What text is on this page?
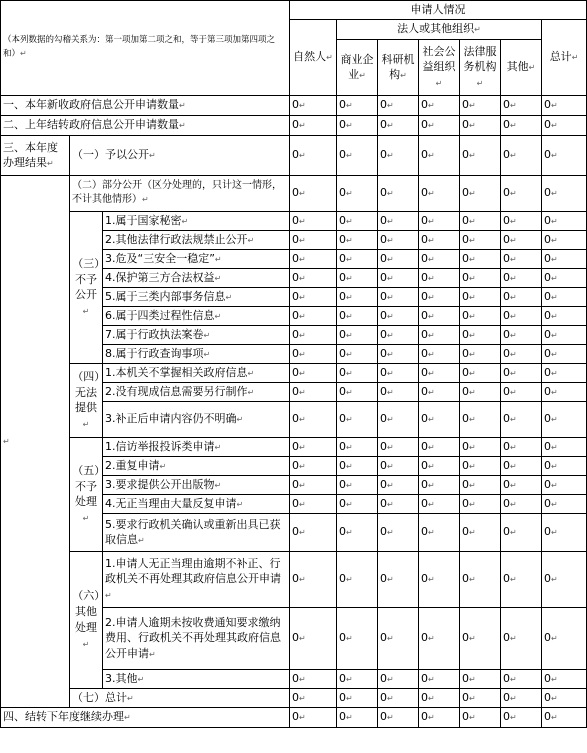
（本列数据的勾稽关系为：第一项加第二项之和，等于第三项加第四项之和）↵			申请人情况						
			自然人↵	法人或其他组织↵					总计↵
				商业企业↵	科研机构↵	社会公益组织↵	法律服务机构↵	其他↵	
一、本年新收政府信息公开申请数量↵			0↵	0↵	0↵	0↵	0↵	0↵	0↵
二、上年结转政府信息公开申请数量↵			0↵	0↵	0↵	0↵	0↵	0↵	0↵
三、本年度办理结果↵	（一）予以公开↵		0↵	0↵	0↵	0↵	0↵	0↵	0↵
↵	（二）部分公开（区分处理的，只计这一情形，不计其他情形）↵		0↵	0↵	0↵	0↵	0↵	0↵	0↵
	（三）不予公开↵	1.属于国家秘密↵	0↵	0↵	0↵	0↵	0↵	0↵	0↵
		2.其他法律行政法规禁止公开↵	0↵	0↵	0↵	0↵	0↵	0↵	0↵
		3.危及“三安全一稳定”↵	0↵	0↵	0↵	0↵	0↵	0↵	0↵
		4.保护第三方合法权益↵	0↵	0↵	0↵	0↵	0↵	0↵	0↵
		5.属于三类内部事务信息↵	0↵	0↵	0↵	0↵	0↵	0↵	0↵
		6.属于四类过程性信息↵	0↵	0↵	0↵	0↵	0↵	0↵	0↵
		7.属于行政执法案卷↵	0↵	0↵	0↵	0↵	0↵	0↵	0↵
		8.属于行政查询事项↵	0↵	0↵	0↵	0↵	0↵	0↵	0↵
	（四）无法提供↵	1.本机关不掌握相关政府信息↵	0↵	0↵	0↵	0↵	0↵	0↵	0↵
		2.没有现成信息需要另行制作↵	0↵	0↵	0↵	0↵	0↵	0↵	0↵
		3.补正后申请内容仍不明确↵	0↵	0↵	0↵	0↵	0↵	0↵	0↵
	（五）不予处理↵	1.信访举报投诉类申请↵	0↵	0↵	0↵	0↵	0↵	0↵	0↵
		2.重复申请↵	0↵	0↵	0↵	0↵	0↵	0↵	0↵
		3.要求提供公开出版物↵	0↵	0↵	0↵	0↵	0↵	0↵	0↵
		4.无正当理由大量反复申请↵	0↵	0↵	0↵	0↵	0↵	0↵	0↵
		5.要求行政机关确认或重新出具已获取信息↵	0↵	0↵	0↵	0↵	0↵	0↵	0↵
	（六）其他处理↵	1.申请人无正当理由逾期不补正、行政机关不再处理其政府信息公开申请↵	0↵	0↵	0↵	0↵	0↵	0↵	0↵
		2.申请人逾期未按收费通知要求缴纳费用、行政机关不再处理其政府信息公开申请↵	0↵	0↵	0↵	0↵	0↵	0↵	0↵
		3.其他↵	0↵	0↵	0↵	0↵	0↵	0↵	0↵
	（七）总计↵		0↵	0↵	0↵	0↵	0↵	0↵	0↵
四、结转下年度继续办理↵			0↵	0↵	0↵	0↵	0↵	0↵	0↵
